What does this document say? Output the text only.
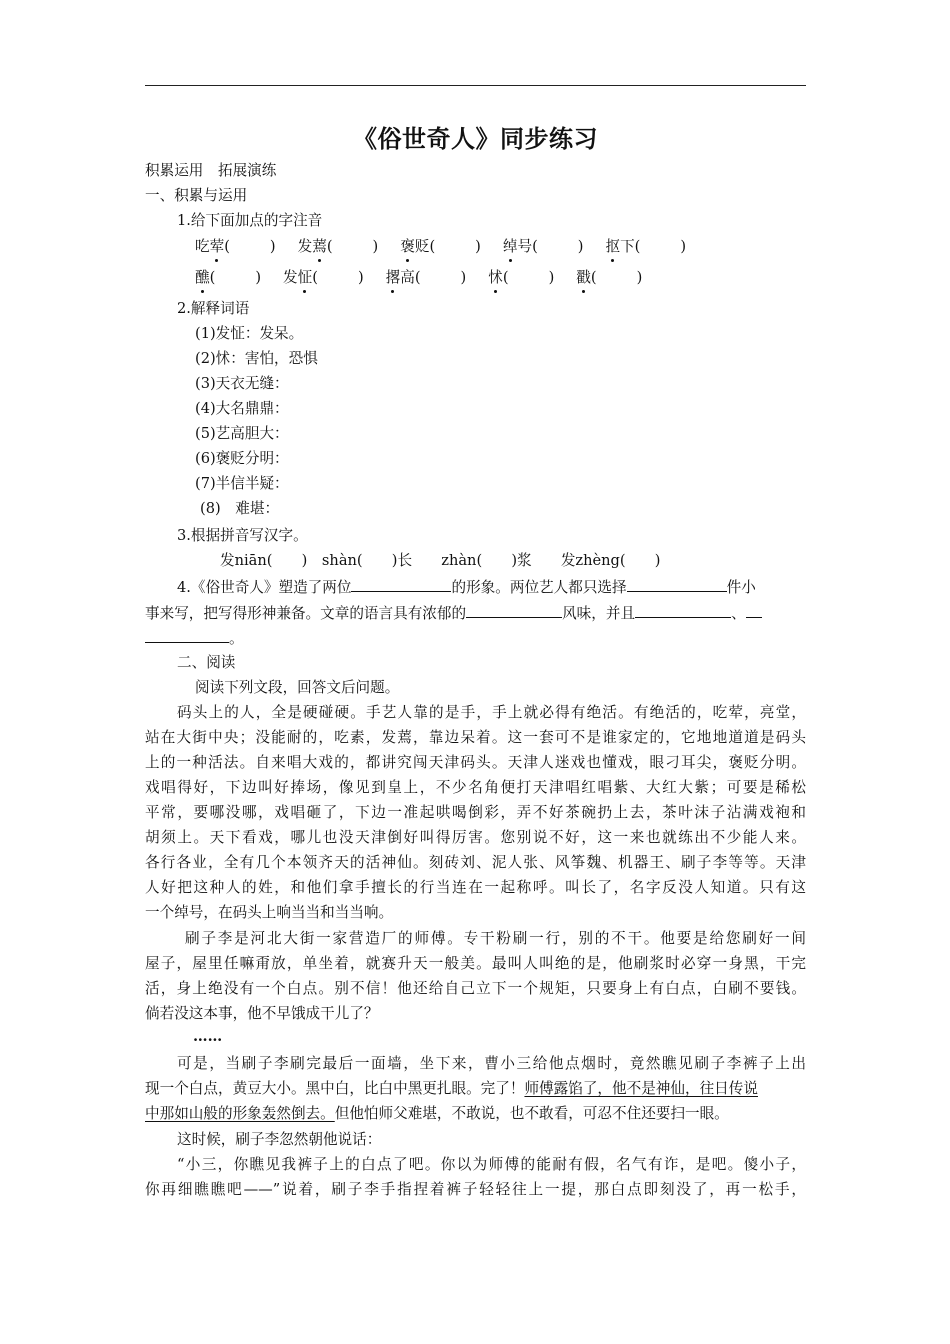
《俗世奇人》同步练习
积累运用　拓展演练
一、积累与运用
1.给下面加点的字注音
吃荤(	) 发蔫(	) 褒贬(	) 绰号(	) 抠下(	)
醮(	) 发怔(	) 撂高(	) 怵(	) 戳(	)
2.解释词语
(1)发怔：发呆。
(2)怵：害怕，恐惧
(3)天衣无缝：
(4)大名鼎鼎：
(5)艺高胆大：
(6)褒贬分明：
(7)半信半疑：
(8)　难堪：
3.根据拼音写汉字。
发niān(　　)　shàn(　　)长　　zhàn(　　)浆　　发zhèng(　　)
4.《俗世奇人》塑造了两位	的形象。两位艺人都只选择	件小
事来写，把写得形神兼备。文章的语言具有浓郁的	风味，并且	、
。
二、阅读
阅读下列文段，回答文后问题。
码头上的人，全是硬碰硬。手艺人靠的是手，手上就必得有绝活。有绝活的，吃荤，亮堂，
站在大街中央；没能耐的，吃素，发蔫，靠边呆着。这一套可不是谁家定的，它地地道道是码头
上的一种活法。自来唱大戏的，都讲究闯天津码头。天津人迷戏也懂戏，眼刁耳尖，褒贬分明。
戏唱得好，下边叫好捧场，像见到皇上，不少名角便打天津唱红唱紫、大红大紫；可要是稀松
平常，要哪没哪，戏唱砸了，下边一准起哄喝倒彩，弄不好茶碗扔上去，茶叶沫子沾满戏袍和
胡须上。天下看戏，哪儿也没天津倒好叫得厉害。您别说不好，这一来也就练出不少能人来。
各行各业，全有几个本领齐天的活神仙。刻砖刘、泥人张、风筝魏、机器王、刷子李等等。天津
人好把这种人的姓，和他们拿手擅长的行当连在一起称呼。叫长了，名字反没人知道。只有这
一个绰号，在码头上响当当和当当响。
刷子李是河北大街一家营造厂的师傅。专干粉刷一行，别的不干。他要是给您刷好一间
屋子，屋里任嘛甭放，单坐着，就赛升天一般美。最叫人叫绝的是，他刷浆时必穿一身黑，干完
活，身上绝没有一个白点。别不信！他还给自己立下一个规矩，只要身上有白点，白刷不要钱。
倘若没这本事，他不早饿成干儿了？
……
可是，当刷子李刷完最后一面墙，坐下来，曹小三给他点烟时，竟然瞧见刷子李裤子上出
现一个白点，黄豆大小。黑中白，比白中黑更扎眼。完了！师傅露馅了，他不是神仙，往日传说
中那如山般的形象轰然倒去。但他怕师父难堪，不敢说，也不敢看，可忍不住还要扫一眼。
这时候，刷子李忽然朝他说话：
“小三，你瞧见我裤子上的白点了吧。你以为师傅的能耐有假，名气有诈，是吧。傻小子，
你再细瞧瞧吧——”说着，刷子李手指捏着裤子轻轻往上一提，那白点即刻没了，再一松手，
